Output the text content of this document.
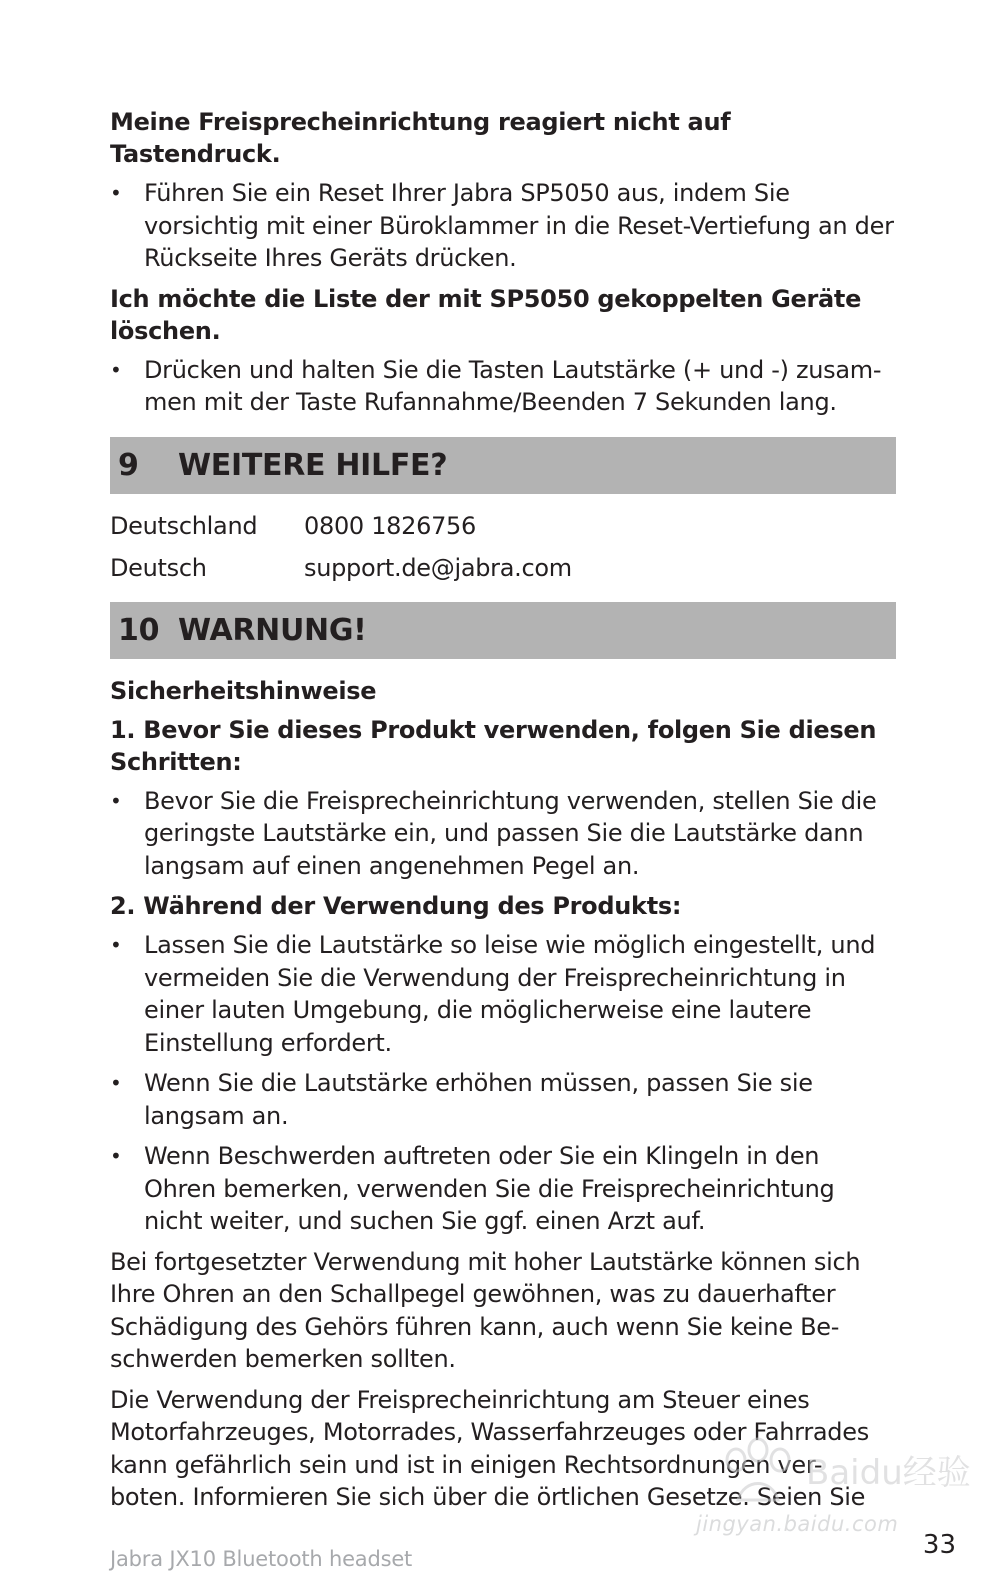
Meine Freisprecheinrichtung reagiert nicht auf Tastendruck.

• Führen Sie ein Reset Ihrer Jabra SP5050 aus, indem Sie vorsichtig mit einer Büroklammer in die Reset-Vertiefung an der Rückseite Ihres Geräts drücken.

Ich möchte die Liste der mit SP5050 gekoppelten Geräte löschen.

• Drücken und halten Sie die Tasten Lautstärke (+ und -) zusam-men mit der Taste Rufannahme/Beenden 7 Sekunden lang.
9	WEITERE HILFE?
Deutschland	0800 1826756
Deutsch	support.de@jabra.com
10 WARNUNG!

Sicherheitshinweise

1. Bevor Sie dieses Produkt verwenden, folgen Sie diesen Schritten:

• Bevor Sie die Freisprecheinrichtung verwenden, stellen Sie die geringste Lautstärke ein, und passen Sie die Lautstärke dann langsam auf einen angenehmen Pegel an.

2. Während der Verwendung des Produkts:

• Lassen Sie die Lautstärke so leise wie möglich eingestellt, und vermeiden Sie die Verwendung der Freisprecheinrichtung in einer lauten Umgebung, die möglicherweise eine lautere Einstellung erfordert.
• Wenn Sie die Lautstärke erhöhen müssen, passen Sie sie langsam an.
• Wenn Beschwerden auftreten oder Sie ein Klingeln in den Ohren bemerken, verwenden Sie die Freisprecheinrichtung nicht weiter, und suchen Sie ggf. einen Arzt auf.

Bei fortgesetzter Verwendung mit hoher Lautstärke können sich Ihre Ohren an den Schallpegel gewöhnen, was zu dauerhafter Schädigung des Gehörs führen kann, auch wenn Sie keine Be-schwerden bemerken sollten.

Die Verwendung der Freisprecheinrichtung am Steuer eines Motorfahrzeuges, Motorrades, Wasserfahrzeuges oder Fahrrades kann gefährlich sein und ist in einigen Rechtsordnungen ver-boten. Informieren Sie sich über die örtlichen Gesetze. Seien Sie

Baidu经验
jingyan.baidu.com
Jabra JX10 Bluetooth headset	33
